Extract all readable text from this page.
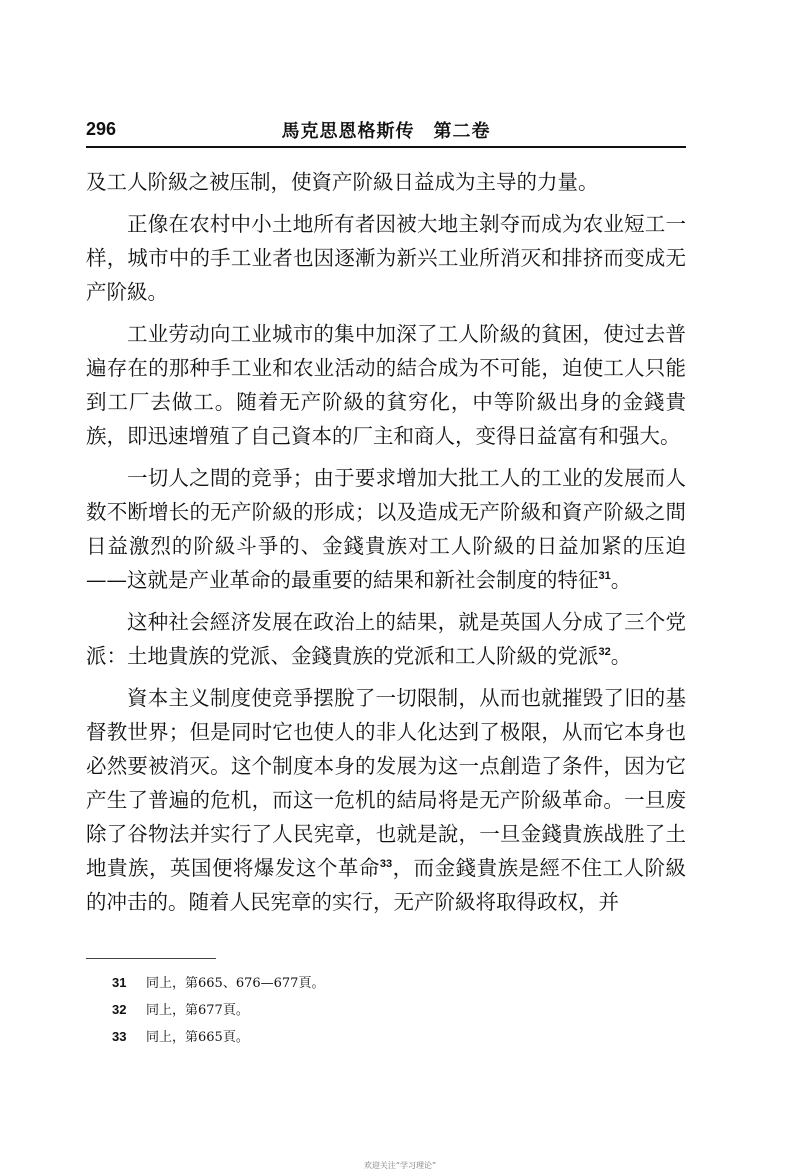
296	馬克思恩格斯传　第二卷

及工人阶級之被压制，使資产阶級日益成为主导的力量。

正像在农村中小土地所有者因被大地主剝夺而成为农业短工一样，城市中的手工业者也因逐漸为新兴工业所消灭和排挤而变成无产阶級。

工业劳动向工业城市的集中加深了工人阶級的貧困，使过去普遍存在的那种手工业和农业活动的結合成为不可能，迫使工人只能到工厂去做工。随着无产阶級的貧穷化，中等阶級出身的金錢貴族，即迅速增殖了自己資本的厂主和商人，变得日益富有和强大。

一切人之間的竞爭；由于要求增加大批工人的工业的发展而人数不断增长的无产阶級的形成；以及造成无产阶級和資产阶級之間日益激烈的阶級斗爭的、金錢貴族对工人阶級的日益加紧的压迫——这就是产业革命的最重要的結果和新社会制度的特征$^{31}$。

这种社会經济发展在政治上的結果，就是英国人分成了三个党派：土地貴族的党派、金錢貴族的党派和工人阶級的党派$^{32}$。

資本主义制度使竞爭摆脫了一切限制，从而也就摧毁了旧的基督教世界；但是同时它也使人的非人化达到了极限，从而它本身也必然要被消灭。这个制度本身的发展为这一点創造了条件，因为它产生了普遍的危机，而这一危机的結局将是无产阶級革命。一旦废除了谷物法并实行了人民宪章，也就是說，一旦金錢貴族战胜了土地貴族，英国便将爆发这个革命$^{33}$，而金錢貴族是經不住工人阶級的冲击的。随着人民宪章的实行，无产阶級将取得政权，并

31 同上，第665、676—677頁。
32 同上，第677頁。
33 同上，第665頁。
欢迎关注“学习理论”
